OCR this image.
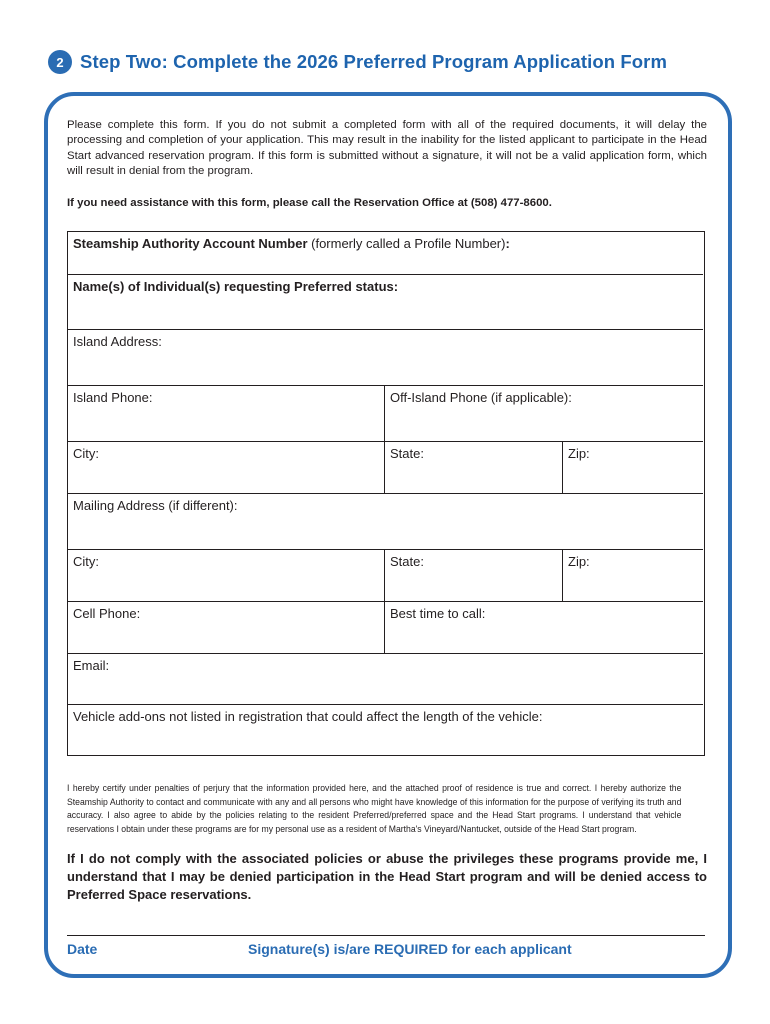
2 Step Two: Complete the 2026 Preferred Program Application Form
Please complete this form. If you do not submit a completed form with all of the required documents, it will delay the processing and completion of your application. This may result in the inability for the listed applicant to participate in the Head Start advanced reservation program. If this form is submitted without a signature, it will not be a valid application form, which will result in denial from the program.
If you need assistance with this form, please call the Reservation Office at (508) 477-8600.
Steamship Authority Account Number (formerly called a Profile Number):
Name(s) of Individual(s) requesting Preferred status:
Island Address:
Island Phone:	Off-Island Phone (if applicable):
City:	State:	Zip:
Mailing Address (if different):
City:	State:	Zip:
Cell Phone:	Best time to call:
Email:
Vehicle add-ons not listed in registration that could affect the length of the vehicle:
I hereby certify under penalties of perjury that the information provided here, and the attached proof of residence is true and correct. I hereby authorize the Steamship Authority to contact and communicate with any and all persons who might have knowledge of this information for the purpose of verifying its truth and accuracy. I also agree to abide by the policies relating to the resident Preferred/preferred space and the Head Start programs. I understand that vehicle reservations I obtain under these programs are for my personal use as a resident of Martha's Vineyard/Nantucket, outside of the Head Start program.
If I do not comply with the associated policies or abuse the privileges these programs provide me, I understand that I may be denied participation in the Head Start program and will be denied access to Preferred Space reservations.
Date	Signature(s) is/are REQUIRED for each applicant
